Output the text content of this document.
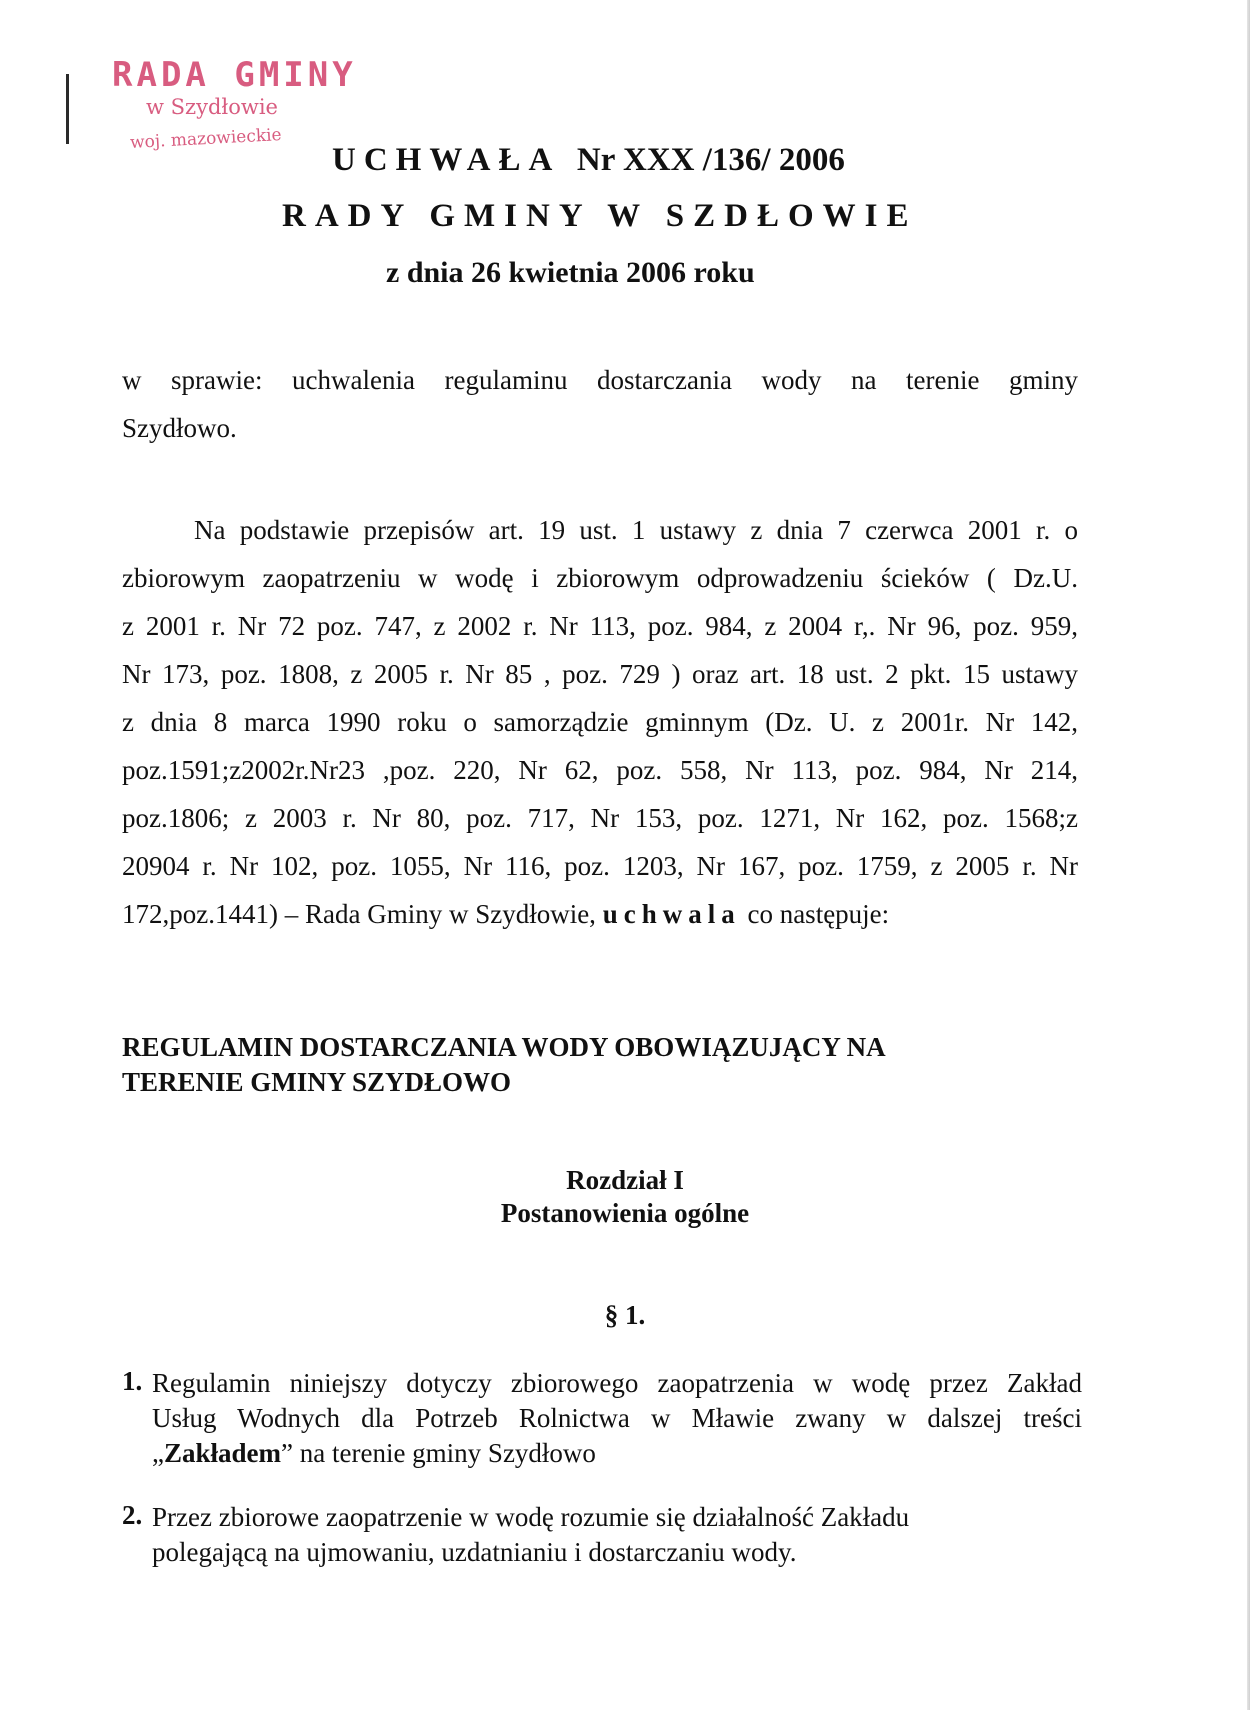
RADA GMINY
w Szydłowie
woj. mazowieckie
UCHWAŁA Nr XXX /136/ 2006
RADY GMINY W SZDŁOWIE
z dnia 26 kwietnia 2006 roku
w sprawie: uchwalenia regulaminu dostarczania wody na terenie gminy
Szydłowo.
Na podstawie przepisów art. 19 ust. 1 ustawy z dnia 7 czerwca 2001 r. o
zbiorowym zaopatrzeniu w wodę i zbiorowym odprowadzeniu ścieków ( Dz.U.
z 2001 r. Nr 72 poz. 747, z 2002 r. Nr 113, poz. 984, z 2004 r,. Nr 96, poz. 959,
Nr 173, poz. 1808, z 2005 r. Nr 85 , poz. 729 ) oraz art. 18 ust. 2 pkt. 15 ustawy
z dnia 8 marca 1990 roku o samorządzie gminnym (Dz. U. z 2001r. Nr 142,
poz.1591;z2002r.Nr23 ,poz. 220, Nr 62, poz. 558, Nr 113, poz. 984, Nr 214,
poz.1806; z 2003 r. Nr 80, poz. 717, Nr 153, poz. 1271, Nr 162, poz. 1568;z
20904 r. Nr 102, poz. 1055, Nr 116, poz. 1203, Nr 167, poz. 1759, z 2005 r. Nr
172,poz.1441) – Rada Gminy w Szydłowie, uchwala co następuje:
REGULAMIN DOSTARCZANIA WODY OBOWIĄZUJĄCY NA
TERENIE GMINY SZYDŁOWO
Rozdział I
Postanowienia ogólne
§ 1.
1. Regulamin niniejszy dotyczy zbiorowego zaopatrzenia w wodę przez Zakład
Usług Wodnych dla Potrzeb Rolnictwa w Mławie zwany w dalszej treści
„Zakładem” na terenie gminy Szydłowo
2. Przez zbiorowe zaopatrzenie w wodę rozumie się działalność Zakładu
polegającą na ujmowaniu, uzdatnianiu i dostarczaniu wody.
